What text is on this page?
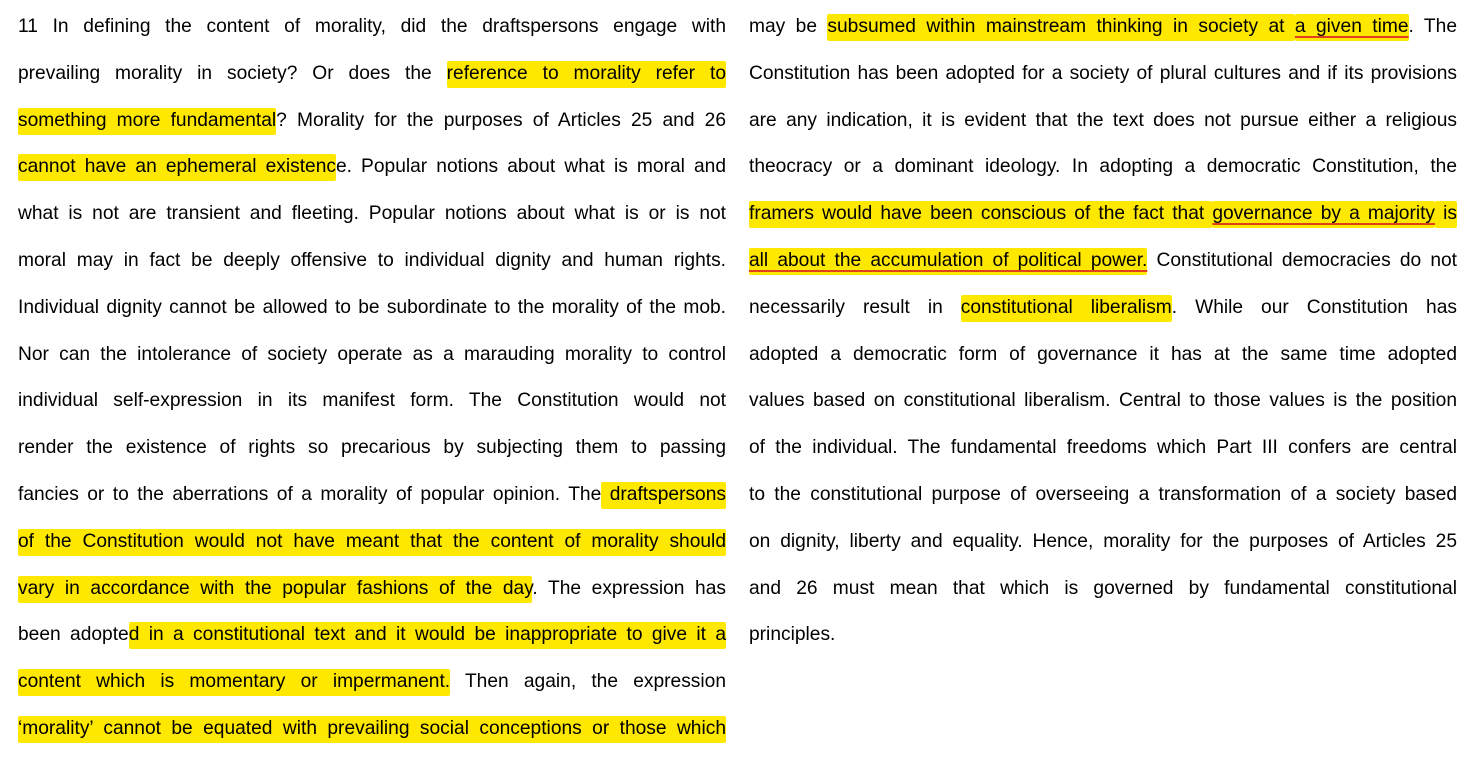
11 In defining the content of morality, did the draftspersons engage with
prevailing morality in society? Or does the reference to morality refer to
something more fundamental? Morality for the purposes of Articles 25 and 26
cannot have an ephemeral existence. Popular notions about what is moral and
what is not are transient and fleeting. Popular notions about what is or is not
moral may in fact be deeply offensive to individual dignity and human rights.
Individual dignity cannot be allowed to be subordinate to the morality of the mob.
Nor can the intolerance of society operate as a marauding morality to control
individual self-expression in its manifest form. The Constitution would not
render the existence of rights so precarious by subjecting them to passing
fancies or to the aberrations of a morality of popular opinion. The draftspersons
of the Constitution would not have meant that the content of morality should
vary in accordance with the popular fashions of the day. The expression has
been adopted in a constitutional text and it would be inappropriate to give it a
content which is momentary or impermanent. Then again, the expression
‘morality’ cannot be equated with prevailing social conceptions or those which
may be subsumed within mainstream thinking in society at a given time. The
Constitution has been adopted for a society of plural cultures and if its provisions
are any indication, it is evident that the text does not pursue either a religious
theocracy or a dominant ideology. In adopting a democratic Constitution, the
framers would have been conscious of the fact that governance by a majority is
all about the accumulation of political power. Constitutional democracies do not
necessarily result in constitutional liberalism. While our Constitution has
adopted a democratic form of governance it has at the same time adopted
values based on constitutional liberalism. Central to those values is the position
of the individual. The fundamental freedoms which Part III confers are central
to the constitutional purpose of overseeing a transformation of a society based
on dignity, liberty and equality. Hence, morality for the purposes of Articles 25
and 26 must mean that which is governed by fundamental constitutional
principles.
